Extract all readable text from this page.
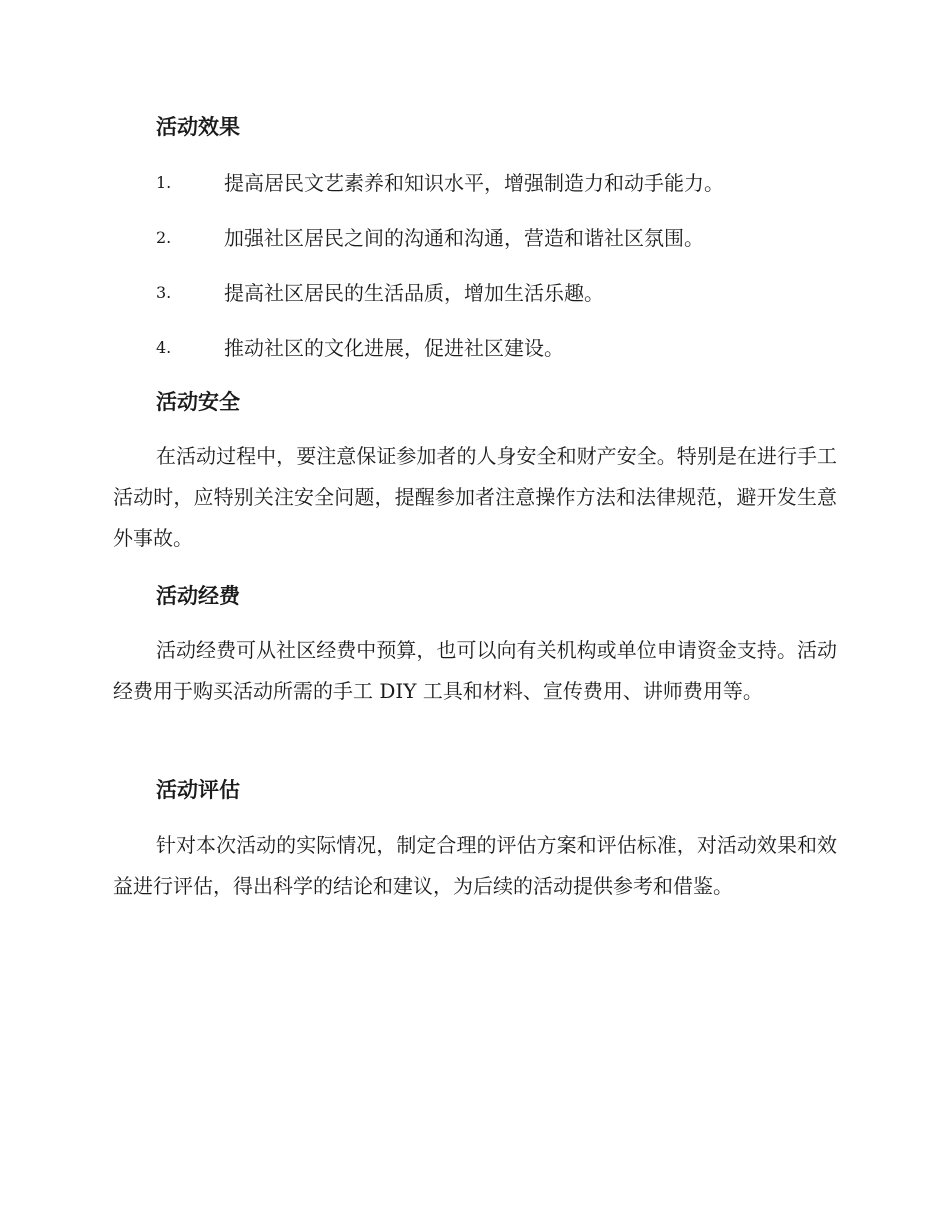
活动效果
1.	提高居民文艺素养和知识水平，增强制造力和动手能力。
2.	加强社区居民之间的沟通和沟通，营造和谐社区氛围。
3.	提高社区居民的生活品质，增加生活乐趣。
4.	推动社区的文化进展，促进社区建设。
活动安全

在活动过程中，要注意保证参加者的人身安全和财产安全。特别是在进行手工活动时，应特别关注安全问题，提醒参加者注意操作方法和法律规范，避开发生意外事故。

活动经费

活动经费可从社区经费中预算，也可以向有关机构或单位申请资金支持。活动经费用于购买活动所需的手工 DIY 工具和材料、宣传费用、讲师费用等。

活动评估

针对本次活动的实际情况，制定合理的评估方案和评估标准，对活动效果和效益进行评估，得出科学的结论和建议，为后续的活动提供参考和借鉴。
